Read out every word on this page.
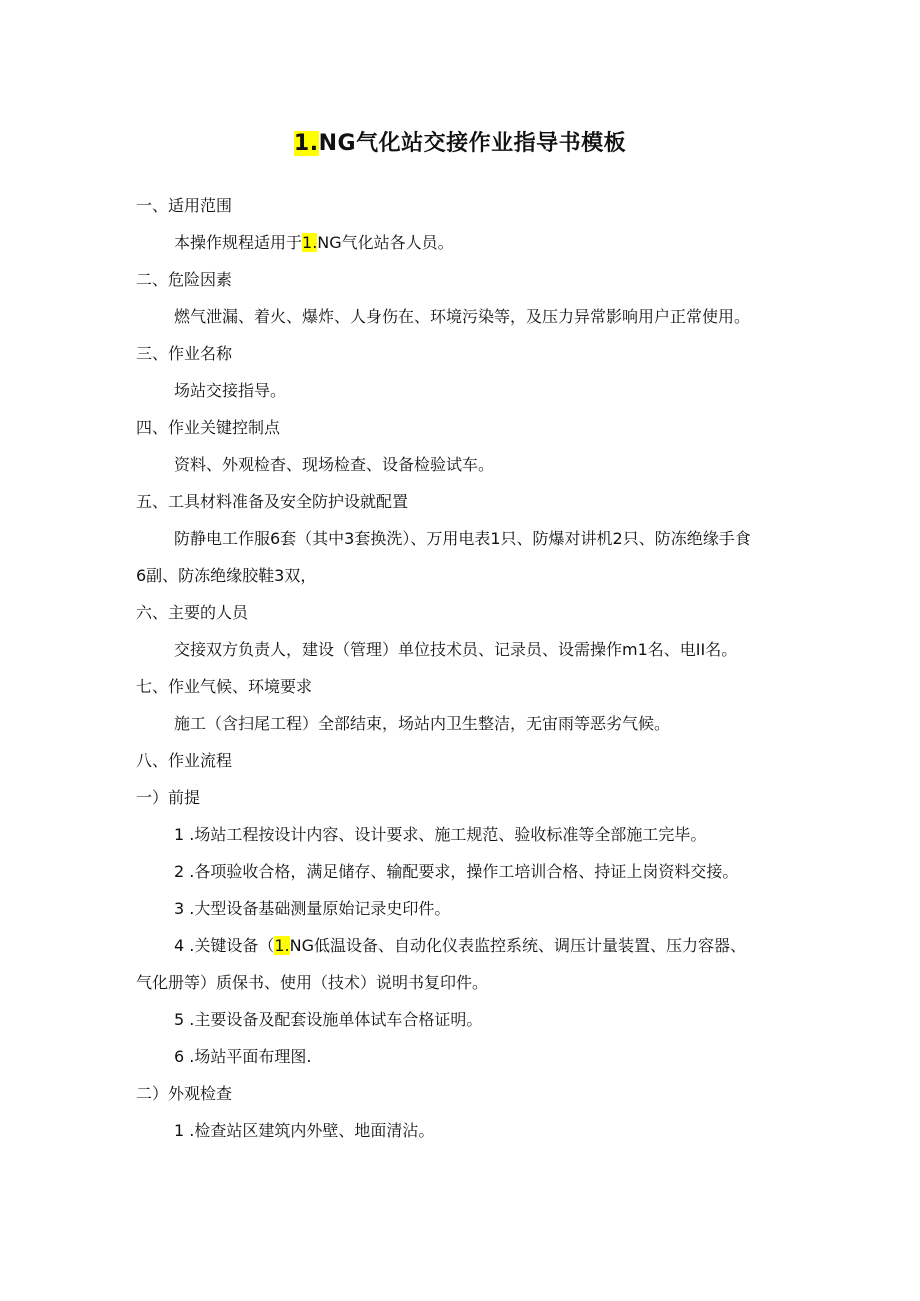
1.NG气化站交接作业指导书模板

一、适用范围

本操作规程适用于1.NG气化站各人员。

二、危险因素

燃气泄漏、着火、爆炸、人身伤在、环境污染等，及压力异常影响用户正常使用。

三、作业名称

场站交接指导。

四、作业关键控制点

资料、外观检杳、现场检查、设备检验试车。

五、工具材料准备及安全防护设就配置

防静电工作服6套（其中3套换洗）、万用电表1只、防爆对讲机2只、防冻绝缘手食

6副、防冻绝缘胶鞋3双，

六、主要的人员

交接双方负责人，建设（管理）单位技术员、记录员、设需操作m1名、电II名。

七、作业气候、环境要求

施工（含扫尾工程）全部结束，场站内卫生整洁，无宙雨等恶劣气候。

八、作业流程

一）前提

1 .场站工程按设计内容、设计要求、施工规范、验收标准等全部施工完毕。

2 .各项验收合格，满足储存、输配要求，操作工培训合格、持证上岗资料交接。

3 .大型设备基础测量原始记录史印件。

4 .关键设备（1.NG低温设备、自动化仪表监控系统、调压计量装置、压力容器、

气化册等）质保书、使用（技术）说明书复印件。

5 .主要设备及配套设施单体试车合格证明。

6 .场站平面布理图.

二）外观检查

1 .检查站区建筑内外壁、地面清沾。
